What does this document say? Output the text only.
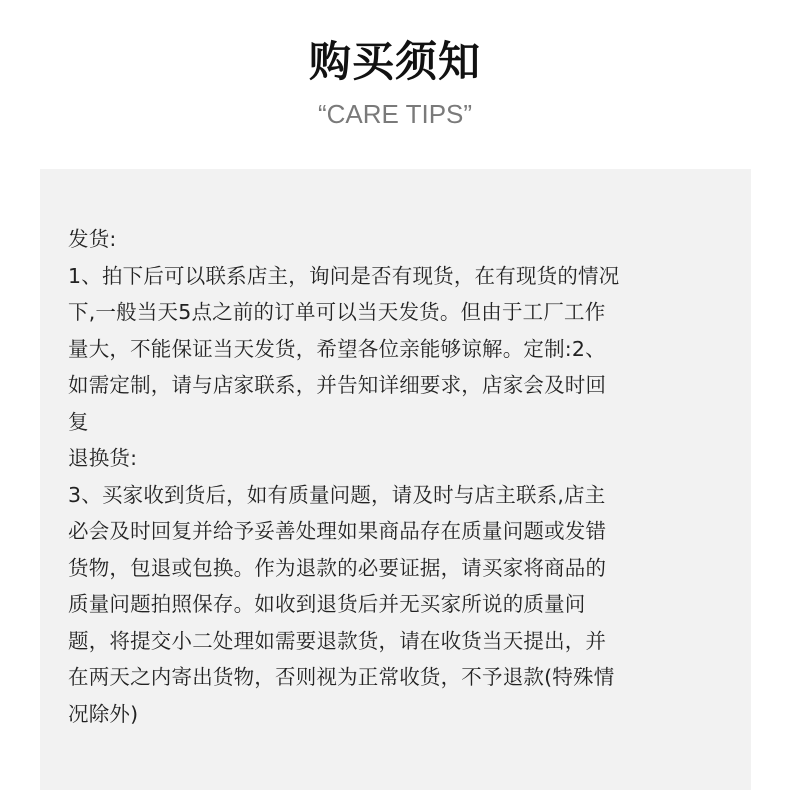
购买须知
“CARE TIPS”
发货:
1、拍下后可以联系店主，询问是否有现货，在有现货的情况
下,一般当天5点之前的订单可以当天发货。但由于工厂工作
量大，不能保证当天发货，希望各位亲能够谅解。定制:2、
如需定制，请与店家联系，并告知详细要求，店家会及时回
复
退换货:
3、买家收到货后，如有质量问题，请及时与店主联系,店主
必会及时回复并给予妥善处理如果商品存在质量问题或发错
货物，包退或包换。作为退款的必要证据，请买家将商品的
质量问题拍照保存。如收到退货后并无买家所说的质量问
题，将提交小二处理如需要退款货，请在收货当天提出，并
在两天之内寄出货物，否则视为正常收货，不予退款(特殊情
况除外)
